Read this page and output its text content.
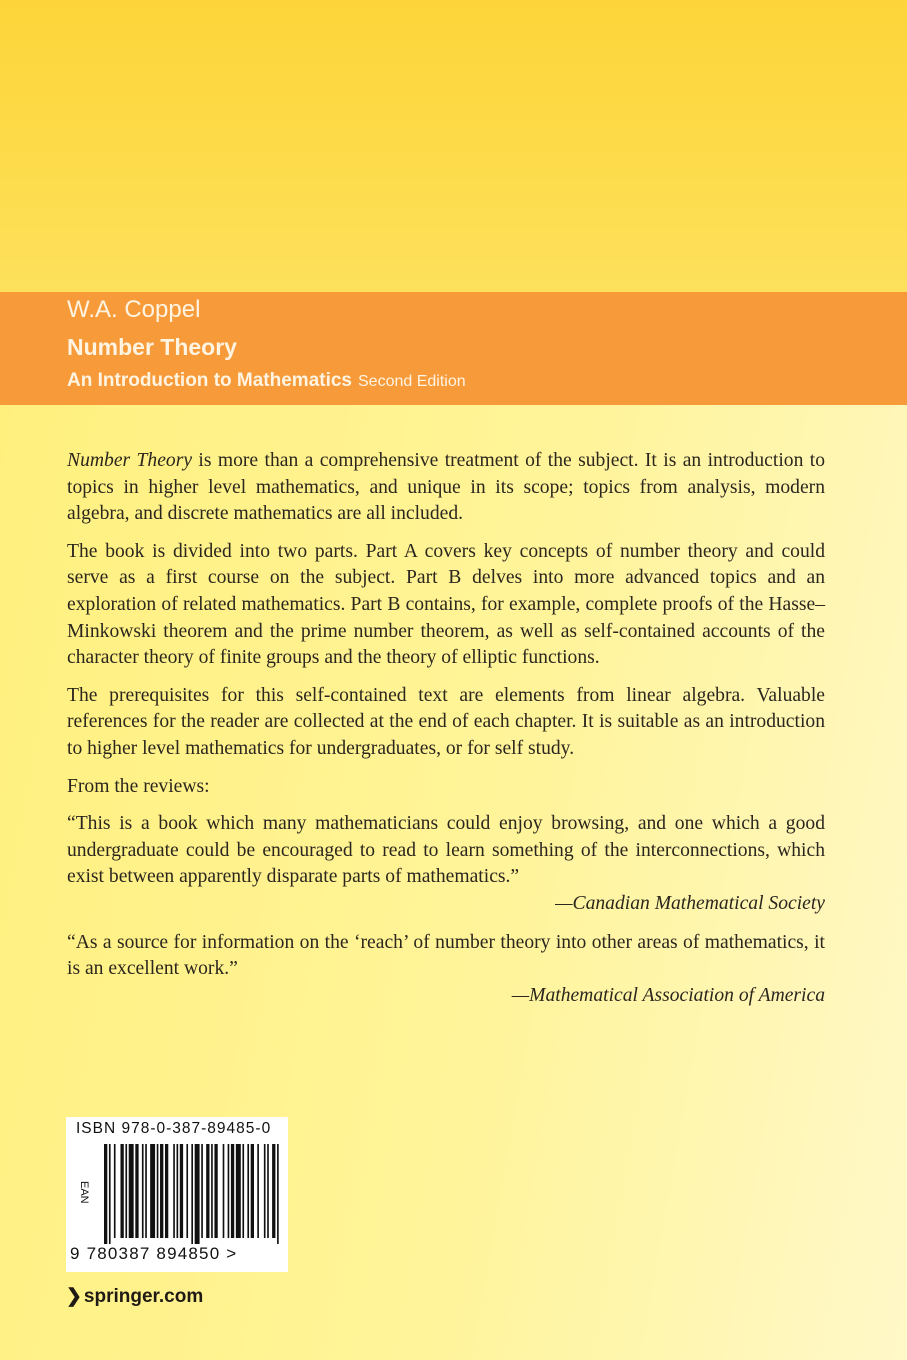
W.A. Coppel
Number Theory
An Introduction to Mathematics Second Edition

Number Theory is more than a comprehensive treatment of the subject. It is an introduction to topics in higher level mathematics, and unique in its scope; topics from analysis, modern algebra, and discrete mathematics are all included.

The book is divided into two parts. Part A covers key concepts of number theory and could serve as a first course on the subject. Part B delves into more advanced topics and an exploration of related mathematics. Part B contains, for example, complete proofs of the Hasse–Minkowski theorem and the prime number theorem, as well as self-contained accounts of the character theory of finite groups and the theory of elliptic functions.

The prerequisites for this self-contained text are elements from linear algebra. Valuable references for the reader are collected at the end of each chapter. It is suitable as an introduction to higher level mathematics for undergraduates, or for self study.

From the reviews:

“This is a book which many mathematicians could enjoy browsing, and one which a good undergraduate could be encouraged to read to learn something of the interconnections, which exist between apparently disparate parts of mathematics.”

—Canadian Mathematical Society

“As a source for information on the ‘reach’ of number theory into other areas of mathematics, it is an excellent work.”

—Mathematical Association of America
ISBN 978-0-387-89485-0
EAN
9 780387 894850 >
❯ springer.com
